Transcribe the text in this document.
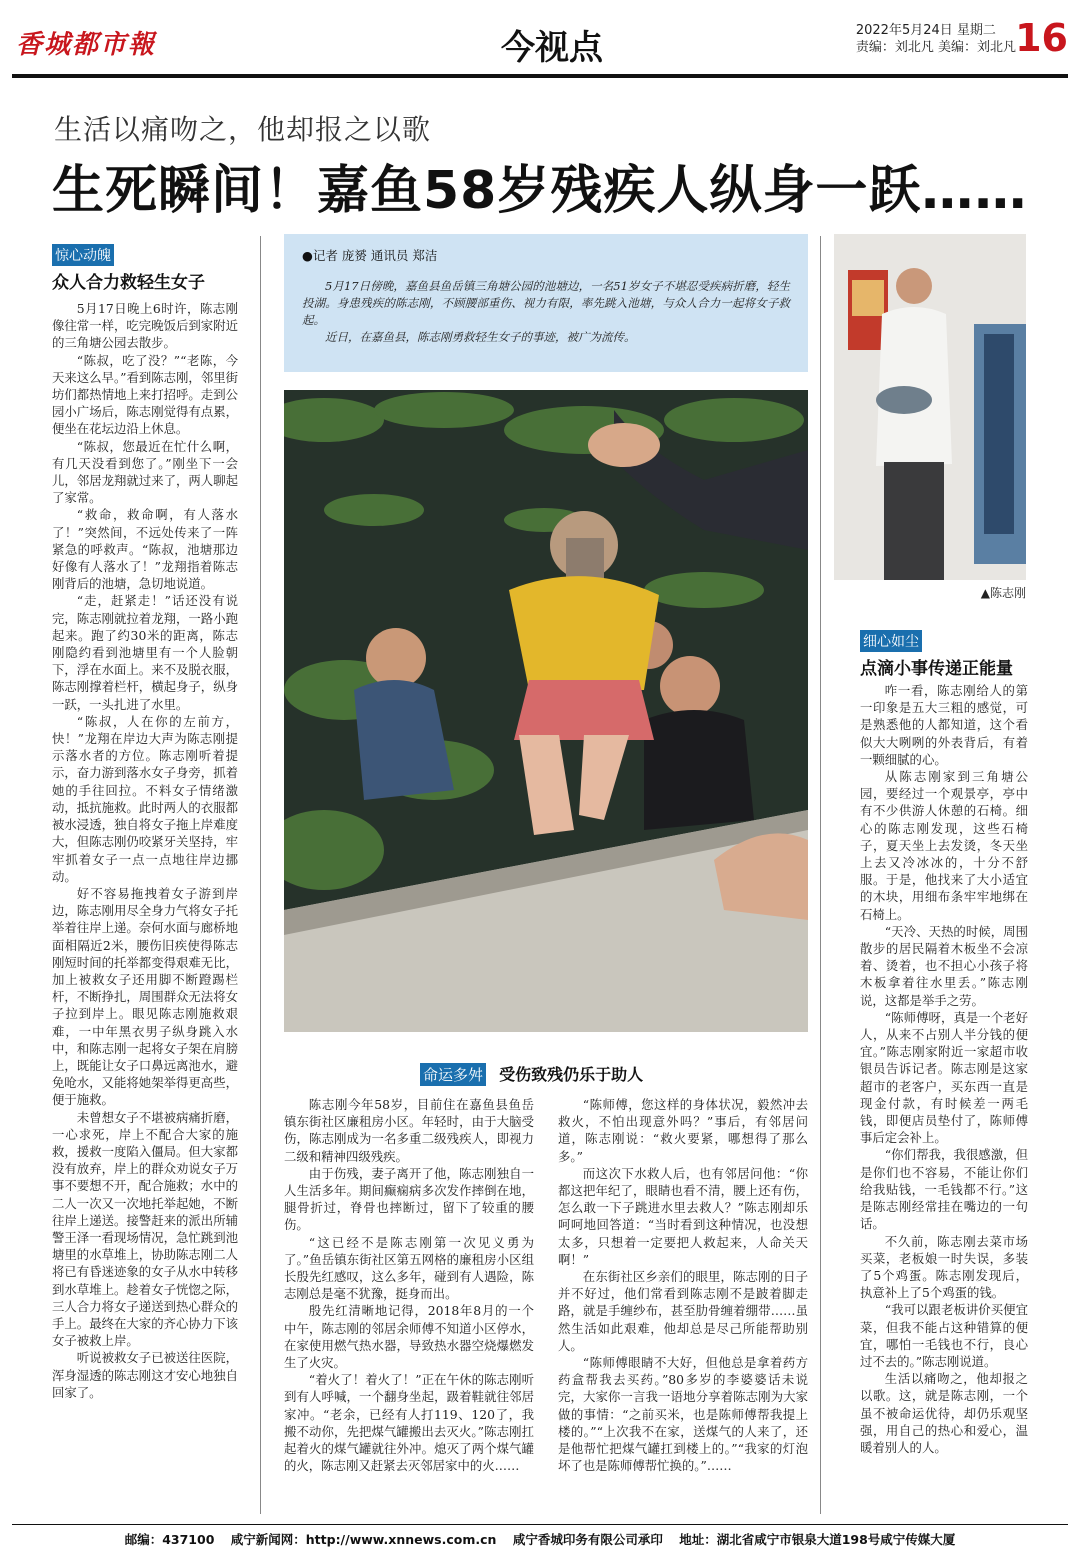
香城都市報	今视点	2022年5月24日 星期二
责编：刘北凡 美编：刘北凡 16
生活以痛吻之，他却报之以歌
生死瞬间！嘉鱼58岁残疾人纵身一跃……
惊心动魄
众人合力救轻生女子

5月17日晚上6时许，陈志刚像往常一样，吃完晚饭后到家附近的三角塘公园去散步。

“陈叔，吃了没？”“老陈，今天来这么早。”看到陈志刚，邻里街坊们都热情地上来打招呼。走到公园小广场后，陈志刚觉得有点累，便坐在花坛边沿上休息。

“陈叔，您最近在忙什么啊，有几天没看到您了。”刚坐下一会儿，邻居龙翔就过来了，两人聊起了家常。

“救命，救命啊，有人落水了！”突然间，不远处传来了一阵紧急的呼救声。“陈叔，池塘那边好像有人落水了！”龙翔指着陈志刚背后的池塘，急切地说道。

“走，赶紧走！”话还没有说完，陈志刚就拉着龙翔，一路小跑起来。跑了约30米的距离，陈志刚隐约看到池塘里有一个人脸朝下，浮在水面上。来不及脱衣服，陈志刚撑着栏杆，横起身子，纵身一跃，一头扎进了水里。

“陈叔，人在你的左前方，快！”龙翔在岸边大声为陈志刚提示落水者的方位。陈志刚听着提示，奋力游到落水女子身旁，抓着她的手往回拉。不料女子情绪激动，抵抗施救。此时两人的衣服都被水浸透，独自将女子拖上岸难度大，但陈志刚仍咬紧牙关坚持，牢牢抓着女子一点一点地往岸边挪动。

好不容易拖拽着女子游到岸边，陈志刚用尽全身力气将女子托举着往岸上递。奈何水面与廊桥地面相隔近2米，腰伤旧疾使得陈志刚短时间的托举都变得艰难无比，加上被救女子还用脚不断蹬踢栏杆，不断挣扎，周围群众无法将女子拉到岸上。眼见陈志刚施救艰难，一中年黑衣男子纵身跳入水中，和陈志刚一起将女子架在肩膀上，既能让女子口鼻远离池水，避免呛水，又能将她架举得更高些，便于施救。

未曾想女子不堪被病痛折磨，一心求死，岸上不配合大家的施救，援救一度陷入僵局。但大家都没有放弃，岸上的群众劝说女子万事不要想不开，配合施救；水中的二人一次又一次地托举起她，不断往岸上递送。接警赶来的派出所辅警王泽一看现场情况，急忙跳到池塘里的水草堆上，协助陈志刚二人将已有昏迷迹象的女子从水中转移到水草堆上。趁着女子恍惚之际，三人合力将女子递送到热心群众的手上。最终在大家的齐心协力下该女子被救上岸。

听说被救女子已被送往医院，浑身湿透的陈志刚这才安心地独自回家了。

●记者 庞赟 通讯员 郑洁

5月17日傍晚，嘉鱼县鱼岳镇三角塘公园的池塘边，一名51岁女子不堪忍受疾病折磨，轻生投湖。身患残疾的陈志刚，不顾腰部重伤、视力有限，率先跳入池塘，与众人合力一起将女子救起。

近日，在嘉鱼县，陈志刚勇救轻生女子的事迹，被广为流传。

命运多舛 受伤致残仍乐于助人

陈志刚今年58岁，目前住在嘉鱼县鱼岳镇东街社区廉租房小区。年轻时，由于大脑受伤，陈志刚成为一名多重二级残疾人，即视力二级和精神四级残疾。

由于伤残，妻子离开了他，陈志刚独自一人生活多年。期间癫痫病多次发作摔倒在地，腿骨折过，脊骨也摔断过，留下了较重的腰伤。

“这已经不是陈志刚第一次见义勇为了。”鱼岳镇东街社区第五网格的廉租房小区组长殷先红感叹，这么多年，碰到有人遇险，陈志刚总是毫不犹豫，挺身而出。

殷先红清晰地记得，2018年8月的一个中午，陈志刚的邻居余师傅不知道小区停水，在家使用燃气热水器，导致热水器空烧爆燃发生了火灾。

“着火了！着火了！”正在午休的陈志刚听到有人呼喊，一个翻身坐起，趿着鞋就往邻居家冲。“老余，已经有人打119、120了，我搬不动你，先把煤气罐搬出去灭火。”陈志刚扛起着火的煤气罐就往外冲。熄灭了两个煤气罐的火，陈志刚又赶紧去灭邻居家中的火……

“陈师傅，您这样的身体状况，毅然冲去救火，不怕出现意外吗？”事后，有邻居问道，陈志刚说：“救火要紧，哪想得了那么多。”

而这次下水救人后，也有邻居问他：“你都这把年纪了，眼睛也看不清，腰上还有伤，怎么敢一下子跳进水里去救人？”陈志刚却乐呵呵地回答道：“当时看到这种情况，也没想太多，只想着一定要把人救起来，人命关天啊！”

在东街社区乡亲们的眼里，陈志刚的日子并不好过，他们常看到陈志刚不是跛着脚走路，就是手缠纱布，甚至肋骨缠着绷带……虽然生活如此艰难，他却总是尽己所能帮助别人。

“陈师傅眼睛不大好，但他总是拿着药方药盒帮我去买药。”80多岁的李婆婆话未说完，大家你一言我一语地分享着陈志刚为大家做的事情：“之前买米，也是陈师傅帮我提上楼的。”“上次我不在家，送煤气的人来了，还是他帮忙把煤气罐扛到楼上的。”“我家的灯泡坏了也是陈师傅帮忙换的。”……

▲陈志刚
细心如尘
点滴小事传递正能量

咋一看，陈志刚给人的第一印象是五大三粗的感觉，可是熟悉他的人都知道，这个看似大大咧咧的外表背后，有着一颗细腻的心。

从陈志刚家到三角塘公园，要经过一个观景亭，亭中有不少供游人休憩的石椅。细心的陈志刚发现，这些石椅子，夏天坐上去发烫，冬天坐上去又冷冰冰的，十分不舒服。于是，他找来了大小适宜的木块，用细布条牢牢地绑在石椅上。

“天冷、天热的时候，周围散步的居民隔着木板坐不会凉着、烫着，也不担心小孩子将木板拿着往水里丢。”陈志刚说，这都是举手之劳。

“陈师傅呀，真是一个老好人，从来不占别人半分钱的便宜。”陈志刚家附近一家超市收银员告诉记者。陈志刚是这家超市的老客户，买东西一直是现金付款，有时候差一两毛钱，即便店员垫付了，陈师傅事后定会补上。

“你们帮我，我很感激，但是你们也不容易，不能让你们给我贴钱，一毛钱都不行。”这是陈志刚经常挂在嘴边的一句话。

不久前，陈志刚去菜市场买菜，老板娘一时失误，多装了5个鸡蛋。陈志刚发现后，执意补上了5个鸡蛋的钱。

“我可以跟老板讲价买便宜菜，但我不能占这种错算的便宜，哪怕一毛钱也不行，良心过不去的。”陈志刚说道。

生活以痛吻之，他却报之以歌。这，就是陈志刚，一个虽不被命运优待，却仍乐观坚强，用自己的热心和爱心，温暖着别人的人。

邮编：437100 咸宁新闻网：http://www.xnnews.com.cn 咸宁香城印务有限公司承印 地址：湖北省咸宁市银泉大道198号咸宁传媒大厦
